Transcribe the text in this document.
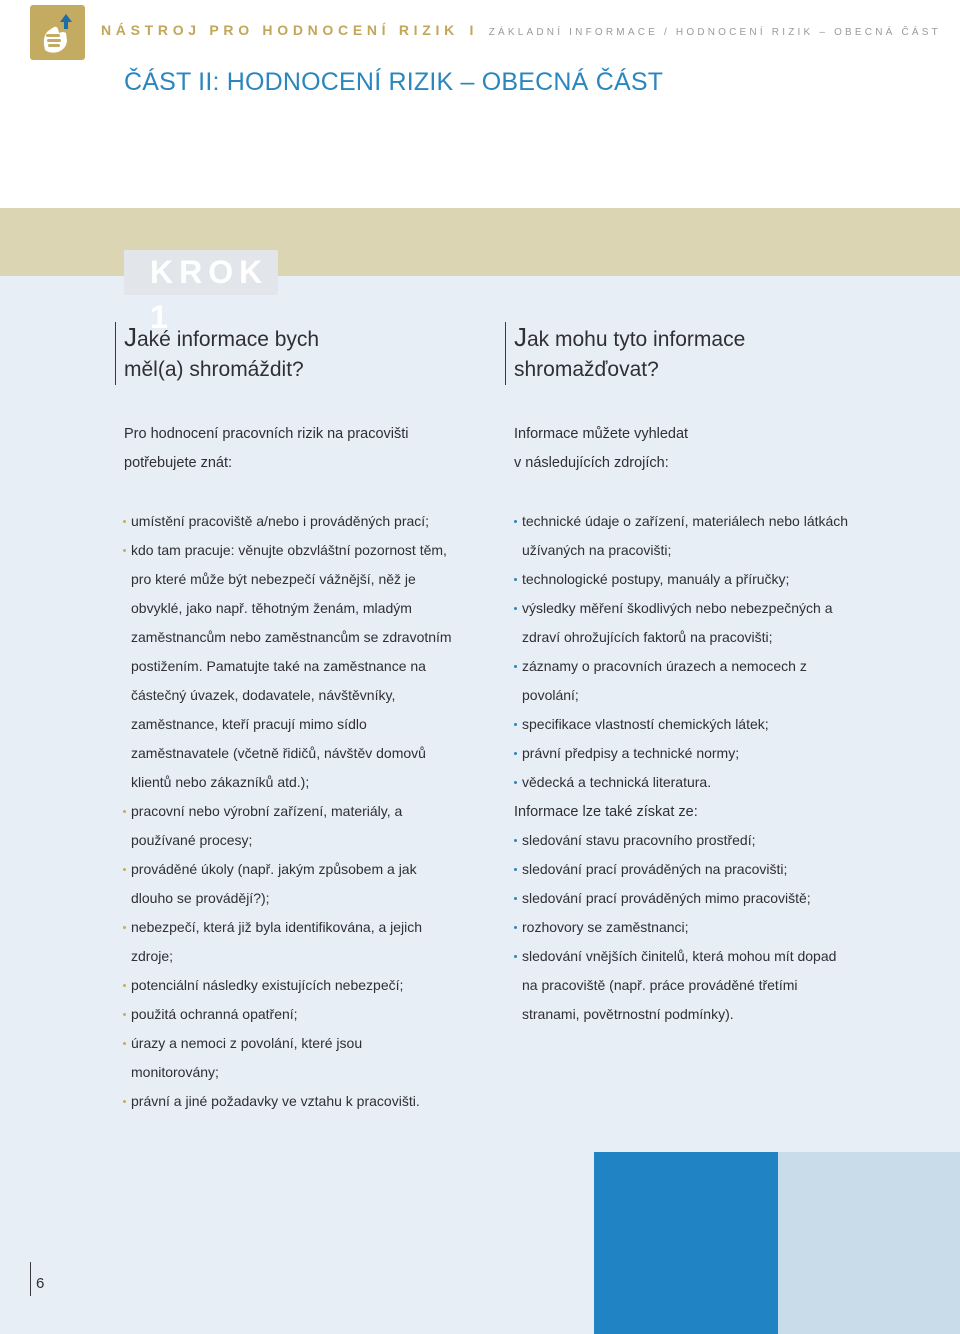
NÁSTROJ PRO HODNOCENÍ RIZIK I ZÁKLADNÍ INFORMACE / HODNOCENÍ RIZIK – OBECNÁ ČÁST
ČÁST II: HODNOCENÍ RIZIK – OBECNÁ ČÁST
KROK 1
Jaké informace bych
měl(a) shromáždit?
Jak mohu tyto informace
shromažďovat?
Pro hodnocení pracovních rizik na pracovišti
potřebujete znát:
Informace můžete vyhledat
v následujících zdrojích:
umístění pracoviště a/nebo i prováděných prací;
kdo tam pracuje: věnujte obzvláštní pozornost těm, pro které může být nebezpečí vážnější, něž je obvyklé, jako např. těhotným ženám, mladým zaměstnancům nebo zaměstnancům se zdravotním postižením. Pamatujte také na zaměstnance na částečný úvazek, dodavatele, návštěvníky, zaměstnance, kteří pracují mimo sídlo zaměstnavatele (včetně řidičů, návštěv domovů klientů nebo zákazníků atd.);
pracovní nebo výrobní zařízení, materiály, a používané procesy;
prováděné úkoly (např. jakým způsobem a jak dlouho se provádějí?);
nebezpečí, která již byla identifikována, a jejich zdroje;
potenciální následky existujících nebezpečí;
použitá ochranná opatření;
úrazy a nemoci z povolání, které jsou monitorovány;
právní a jiné požadavky ve vztahu k pracovišti.
technické údaje o zařízení, materiálech nebo látkách užívaných na pracovišti;
technologické postupy, manuály a příručky;
výsledky měření škodlivých nebo nebezpečných a zdraví ohrožujících faktorů na pracovišti;
záznamy o pracovních úrazech a nemocech z povolání;
specifikace vlastností chemických látek;
právní předpisy a technické normy;
vědecká a technická literatura.
Informace lze také získat ze:
sledování stavu pracovního prostředí;
sledování prací prováděných na pracovišti;
sledování prací prováděných mimo pracoviště;
rozhovory se zaměstnanci;
sledování vnějších činitelů, která mohou mít dopad na pracoviště (např. práce prováděné třetími stranami, povětrnostní podmínky).
6
